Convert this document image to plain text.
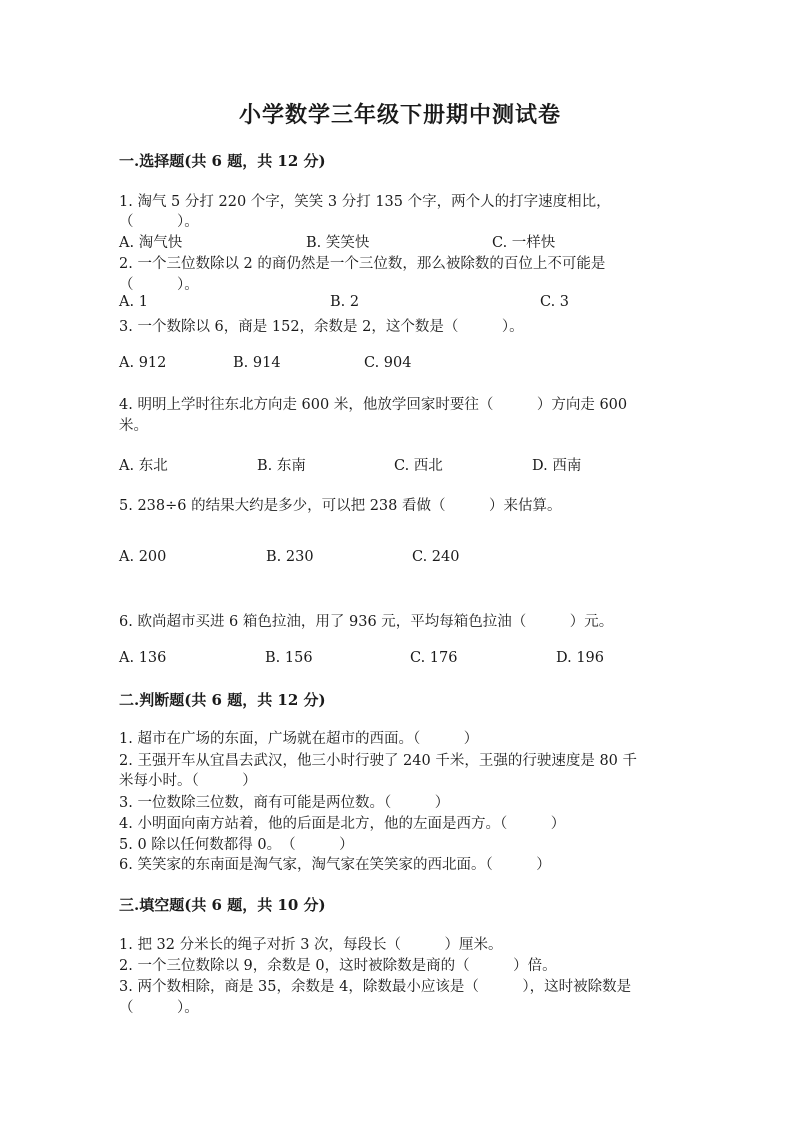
小学数学三年级下册期中测试卷
一.选择题(共 6 题，共 12 分)
1. 淘气 5 分打 220 个字，笑笑 3 分打 135 个字，两个人的打字速度相比，
（　　　）。
A. 淘气快	B. 笑笑快	C. 一样快
2. 一个三位数除以 2 的商仍然是一个三位数，那么被除数的百位上不可能是
（　　　）。
A. 1	B. 2	C. 3
3. 一个数除以 6，商是 152，余数是 2，这个数是（　　　）。
A. 912	B. 914	C. 904
4. 明明上学时往东北方向走 600 米，他放学回家时要往（　　　）方向走 600
米。
A. 东北	B. 东南	C. 西北	D. 西南
5. 238÷6 的结果大约是多少，可以把 238 看做（　　　）来估算。
A. 200	B. 230	C. 240
6. 欧尚超市买进 6 箱色拉油，用了 936 元，平均每箱色拉油（　　　）元。
A. 136	B. 156	C. 176	D. 196
二.判断题(共 6 题，共 12 分)
1. 超市在广场的东面，广场就在超市的西面。（　　　）
2. 王强开车从宜昌去武汉，他三小时行驶了 240 千米，王强的行驶速度是 80 千
米每小时。（　　　）
3. 一位数除三位数，商有可能是两位数。（　　　）
4. 小明面向南方站着，他的后面是北方，他的左面是西方。（　　　）
5. 0 除以任何数都得 0。　（　　　）
6. 笑笑家的东南面是淘气家，淘气家在笑笑家的西北面。（　　　）
三.填空题(共 6 题，共 10 分)
1. 把 32 分米长的绳子对折 3 次，每段长（　　　）厘米。
2. 一个三位数除以 9，余数是 0，这时被除数是商的（　　　）倍。
3. 两个数相除，商是 35，余数是 4，除数最小应该是（　　　），这时被除数是
（　　　）。
